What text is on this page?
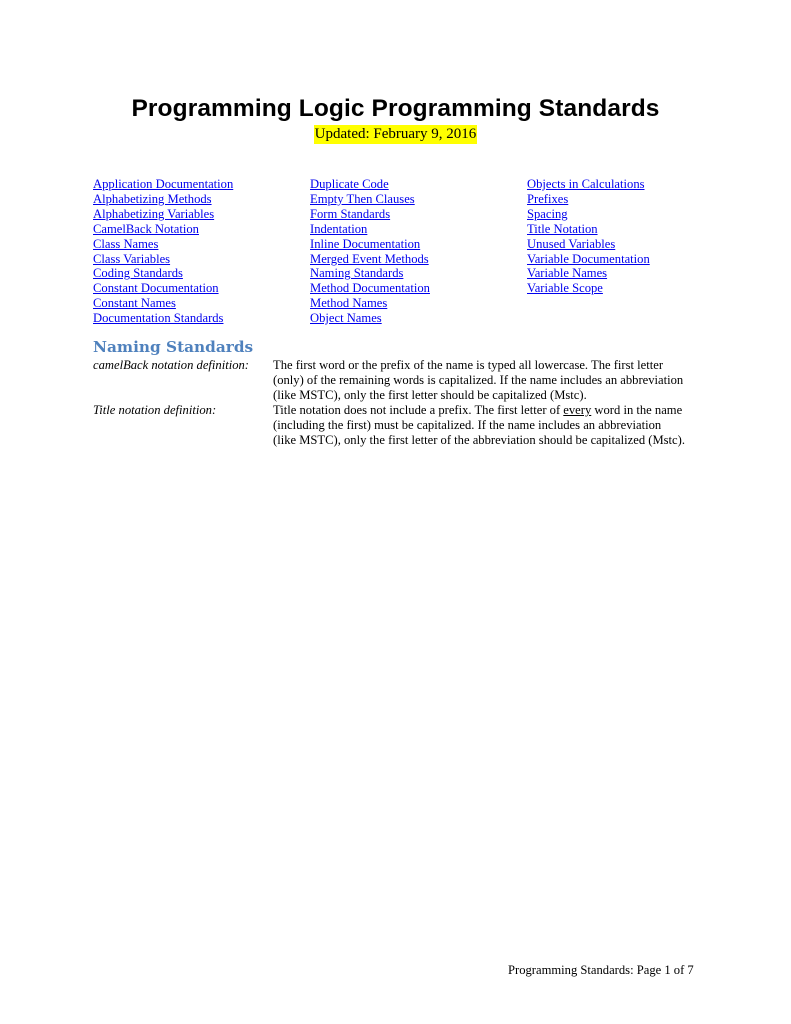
Programming Logic Programming Standards
Updated: February 9, 2016
Application Documentation
Alphabetizing Methods
Alphabetizing Variables
CamelBack Notation
Class Names
Class Variables
Coding Standards
Constant Documentation
Constant Names
Documentation Standards
Duplicate Code
Empty Then Clauses
Form Standards
Indentation
Inline Documentation
Merged Event Methods
Naming Standards
Method Documentation
Method Names
Object Names
Objects in Calculations
Prefixes
Spacing
Title Notation
Unused Variables
Variable Documentation
Variable Names
Variable Scope
Naming Standards
camelBack notation definition: The first word or the prefix of the name is typed all lowercase. The first letter
(only) of the remaining words is capitalized. If the name includes an abbreviation
(like MSTC), only the first letter should be capitalized (Mstc).
Title notation definition:	Title notation does not include a prefix. The first letter of every word in the name
(including the first) must be capitalized. If the name includes an abbreviation
(like MSTC), only the first letter of the abbreviation should be capitalized (Mstc).
Programming Standards: Page 1 of 7
